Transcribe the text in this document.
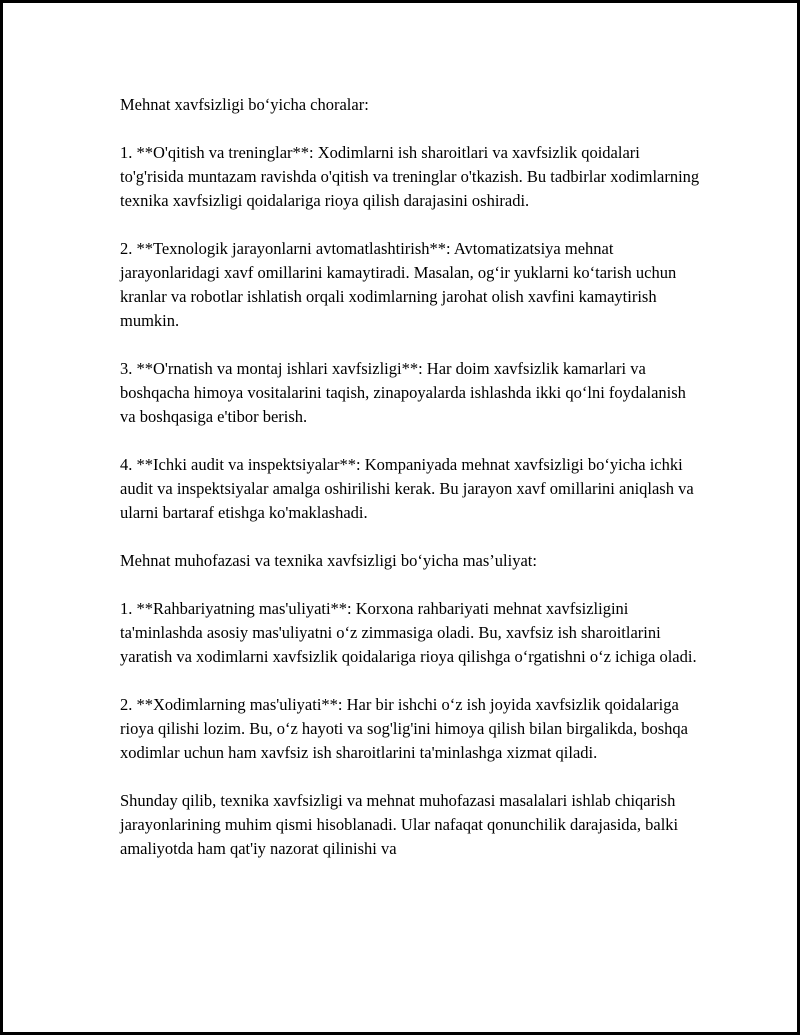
Mehnat xavfsizligi bo‘yicha choralar:

1. **O'qitish va treninglar**: Xodimlarni ish sharoitlari va xavfsizlik qoidalari to'g'risida muntazam ravishda o'qitish va treninglar o'tkazish. Bu tadbirlar xodimlarning texnika xavfsizligi qoidalariga rioya qilish darajasini oshiradi.

2. **Texnologik jarayonlarni avtomatlashtirish**: Avtomatizatsiya mehnat jarayonlaridagi xavf omillarini kamaytiradi. Masalan, og‘ir yuklarni ko‘tarish uchun kranlar va robotlar ishlatish orqali xodimlarning jarohat olish xavfini kamaytirish mumkin.

3. **O'rnatish va montaj ishlari xavfsizligi**: Har doim xavfsizlik kamarlari va boshqacha himoya vositalarini taqish, zinapoyalarda ishlashda ikki qo‘lni foydalanish va boshqasiga e'tibor berish.

4. **Ichki audit va inspektsiyalar**: Kompaniyada mehnat xavfsizligi bo‘yicha ichki audit va inspektsiyalar amalga oshirilishi kerak. Bu jarayon xavf omillarini aniqlash va ularni bartaraf etishga ko'maklashadi.

Mehnat muhofazasi va texnika xavfsizligi bo‘yicha mas’uliyat:

1. **Rahbariyatning mas'uliyati**: Korxona rahbariyati mehnat xavfsizligini ta'minlashda asosiy mas'uliyatni o‘z zimmasiga oladi. Bu, xavfsiz ish sharoitlarini yaratish va xodimlarni xavfsizlik qoidalariga rioya qilishga o‘rgatishni o‘z ichiga oladi.

2. **Xodimlarning mas'uliyati**: Har bir ishchi o‘z ish joyida xavfsizlik qoidalariga rioya qilishi lozim. Bu, o‘z hayoti va sog'lig'ini himoya qilish bilan birgalikda, boshqa xodimlar uchun ham xavfsiz ish sharoitlarini ta'minlashga xizmat qiladi.

Shunday qilib, texnika xavfsizligi va mehnat muhofazasi masalalari ishlab chiqarish jarayonlarining muhim qismi hisoblanadi. Ular nafaqat qonunchilik darajasida, balki amaliyotda ham qat'iy nazorat qilinishi va
